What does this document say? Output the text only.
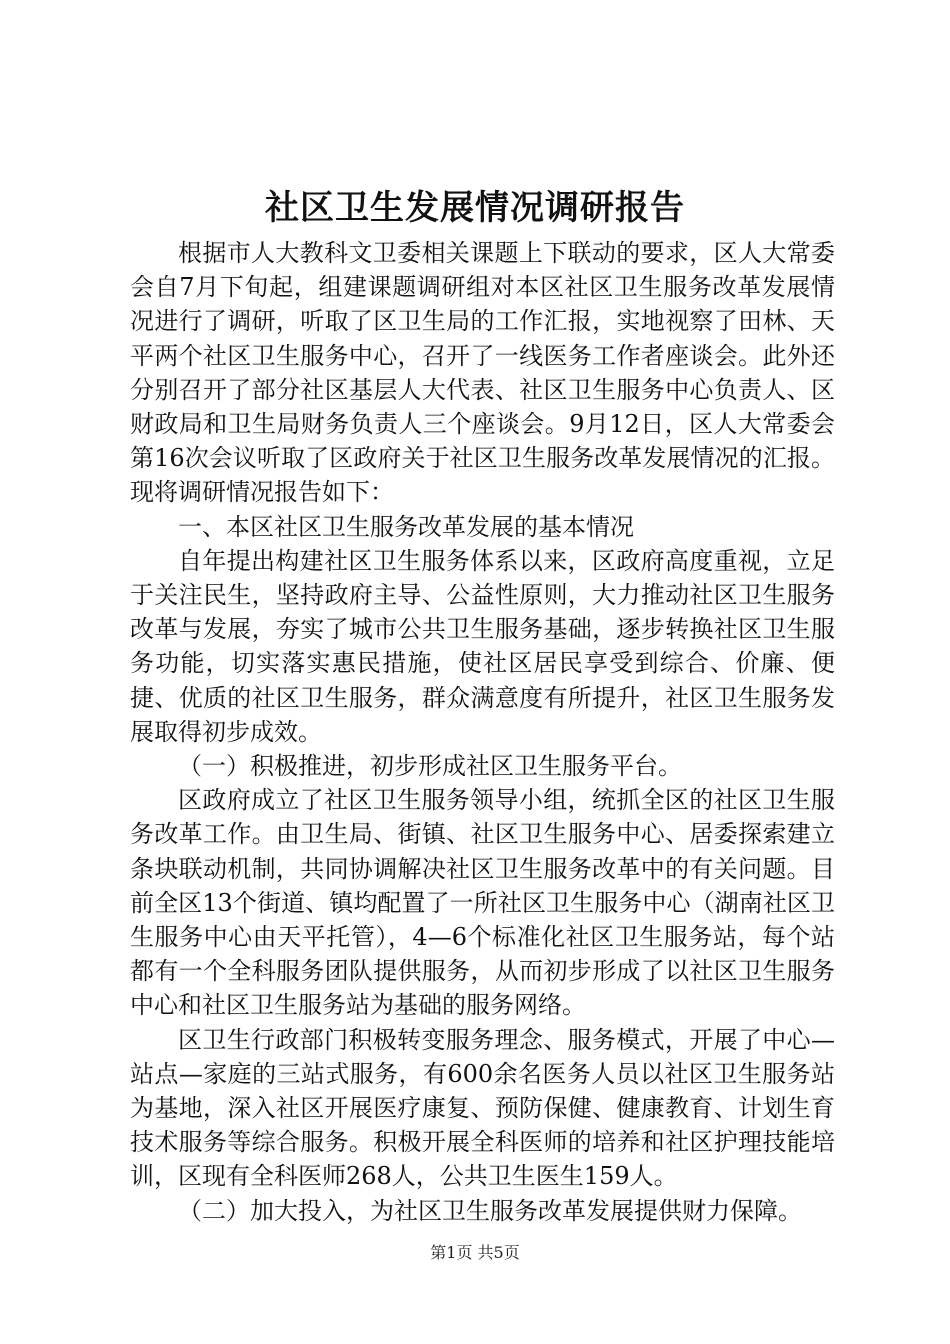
社区卫生发展情况调研报告

根据市人大教科文卫委相关课题上下联动的要求，区人大常委会自7月下旬起，组建课题调研组对本区社区卫生服务改革发展情况进行了调研，听取了区卫生局的工作汇报，实地视察了田林、天平两个社区卫生服务中心，召开了一线医务工作者座谈会。此外还分别召开了部分社区基层人大代表、社区卫生服务中心负责人、区财政局和卫生局财务负责人三个座谈会。9月12日，区人大常委会第16次会议听取了区政府关于社区卫生服务改革发展情况的汇报。现将调研情况报告如下：

一、本区社区卫生服务改革发展的基本情况

自年提出构建社区卫生服务体系以来，区政府高度重视，立足于关注民生，坚持政府主导、公益性原则，大力推动社区卫生服务改革与发展，夯实了城市公共卫生服务基础，逐步转换社区卫生服务功能，切实落实惠民措施，使社区居民享受到综合、价廉、便捷、优质的社区卫生服务，群众满意度有所提升，社区卫生服务发展取得初步成效。

（一）积极推进，初步形成社区卫生服务平台。

区政府成立了社区卫生服务领导小组，统抓全区的社区卫生服务改革工作。由卫生局、街镇、社区卫生服务中心、居委探索建立条块联动机制，共同协调解决社区卫生服务改革中的有关问题。目前全区13个街道、镇均配置了一所社区卫生服务中心（湖南社区卫生服务中心由天平托管），4—6个标准化社区卫生服务站，每个站都有一个全科服务团队提供服务，从而初步形成了以社区卫生服务中心和社区卫生服务站为基础的服务网络。

区卫生行政部门积极转变服务理念、服务模式，开展了中心—站点—家庭的三站式服务，有600余名医务人员以社区卫生服务站为基地，深入社区开展医疗康复、预防保健、健康教育、计划生育技术服务等综合服务。积极开展全科医师的培养和社区护理技能培训，区现有全科医师268人，公共卫生医生159人。

（二）加大投入，为社区卫生服务改革发展提供财力保障。

第1页 共5页
